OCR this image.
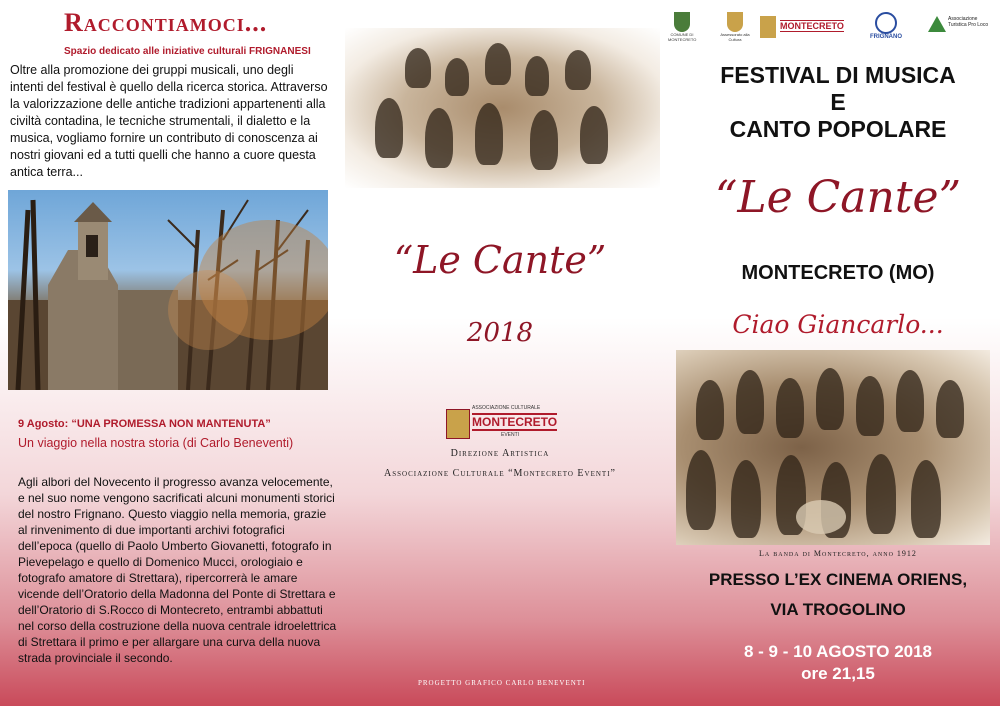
Raccontiamoci...
Spazio dedicato alle iniziative culturali FRIGNANESI
Oltre alla promozione dei gruppi musicali, uno degli intenti del festival è quello della ricerca storica. Attraverso la valorizzazione delle antiche tradizioni appartenenti alla civiltà contadina, le tecniche strumentali, il dialetto e la musica, vogliamo fornire un contributo di conoscenza ai nostri giovani ed a tutti quelli che hanno a cuore questa antica terra...
9 Agosto: “UNA PROMESSA NON MANTENUTA”
Un viaggio nella nostra storia (di Carlo Beneventi)
Agli albori del Novecento il progresso avanza velocemente, e nel suo nome vengono sacrificati alcuni monumenti storici del nostro Frignano. Questo viaggio nella memoria, grazie al rinvenimento di due importanti archivi fotografici dell’epoca (quello di Paolo Umberto Giovanetti, fotografo in Pievepelago e quello di Domenico Mucci, orologiaio e fotografo amatore di Strettara), ripercorrerà le amare vicende dell’Oratorio della Madonna del Ponte di Strettara e dell’Oratorio di S.Rocco di Montecreto, entrambi abbattuti nel corso della costruzione della nuova centrale idroelettrica di Strettara il primo e per allargare una curva della nuova strada provinciale il secondo.
PROGETTO GRAFICO CARLO BENEVENTI
“Le Cante”
2018
ASSOCIAZIONE CULTURALE
MONTECRETO
EVENTI
Direzione Artistica
Associazione Culturale “Montecreto Eventi”
COMUNE DI MONTECRETO
Assessorato alla Cultura
MONTECRETO
FRIGNANO
Associazione Turistica Pro Loco
FESTIVAL DI MUSICA
E
CANTO POPOLARE
“Le Cante”
MONTECRETO (MO)
Ciao Giancarlo...
La banda di Montecreto, anno 1912
PRESSO L’EX CINEMA ORIENS,
VIA TROGOLINO
8 - 9 - 10 AGOSTO 2018
ore 21,15
